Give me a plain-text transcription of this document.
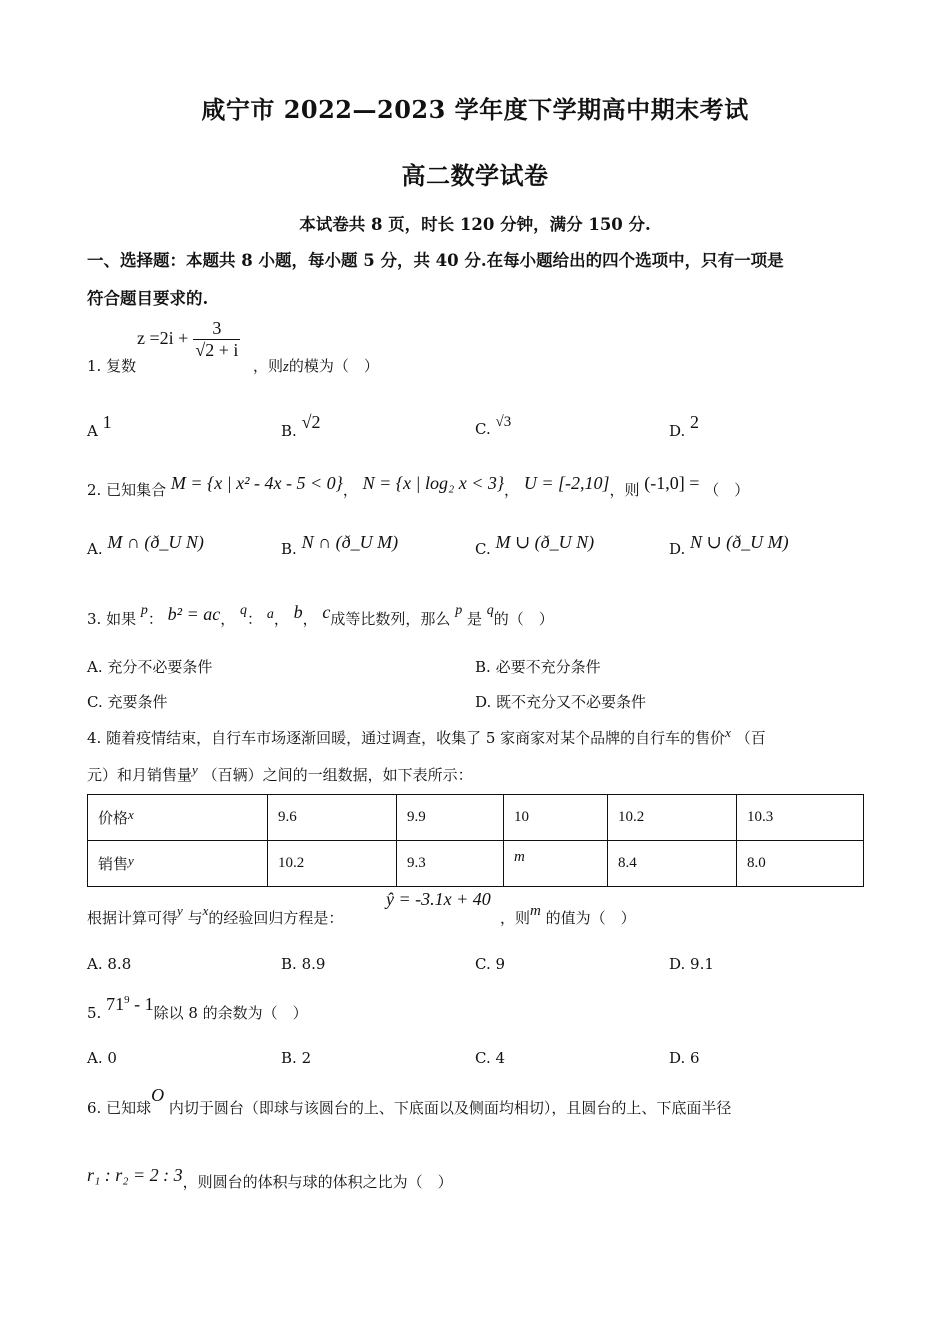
咸宁市 2022—2023 学年度下学期高中期末考试
高二数学试卷
本试卷共 8 页，时长 120 分钟，满分 150 分.
一、选择题：本题共 8 小题，每小题 5 分，共 40 分.在每小题给出的四个选项中，只有一项是
符合题目要求的.
1. 复数
$z =2i + \frac{3}{√2 + i}$
，则z的模为（　）
A 1	B. √2	C. √3	D. 2
2. 已知集合 M = {x | x² - 4x - 5 < 0}， N = {x | log₂ x < 3}， U = [-2,10]，则 (-1,0] = （　）
A. M ∩ (ð_U N)	B. N ∩ (ð_U M)	C. M ∪ (ð_U N)	D. N ∪ (ð_U M)
3. 如果 p： b² = ac， q： a， b， c成等比数列，那么 p 是 q的（　）
A. 充分不必要条件	B. 必要不充分条件
C. 充要条件	D. 既不充分又不必要条件
4. 随着疫情结束，自行车市场逐渐回暖，通过调查，收集了 5 家商家对某个品牌的自行车的售价x （百
元）和月销售量y （百辆）之间的一组数据，如下表所示：
价格x	9.6	9.9	10	10.2	10.3
销售y	10.2	9.3	m	8.4	8.0
根据计算可得y 与x的经验回归方程是：
ŷ = -3.1x + 40
，则m 的值为（　）
A. 8.8	B. 8.9	C. 9	D. 9.1
5. $71^9 - 1$除以 8 的余数为（　）
A. 0	B. 2	C. 4	D. 6
6. 已知球O 内切于圆台（即球与该圆台的上、下底面以及侧面均相切），且圆台的上、下底面半径
r₁ : r₂ = 2 : 3，则圆台的体积与球的体积之比为（　）
